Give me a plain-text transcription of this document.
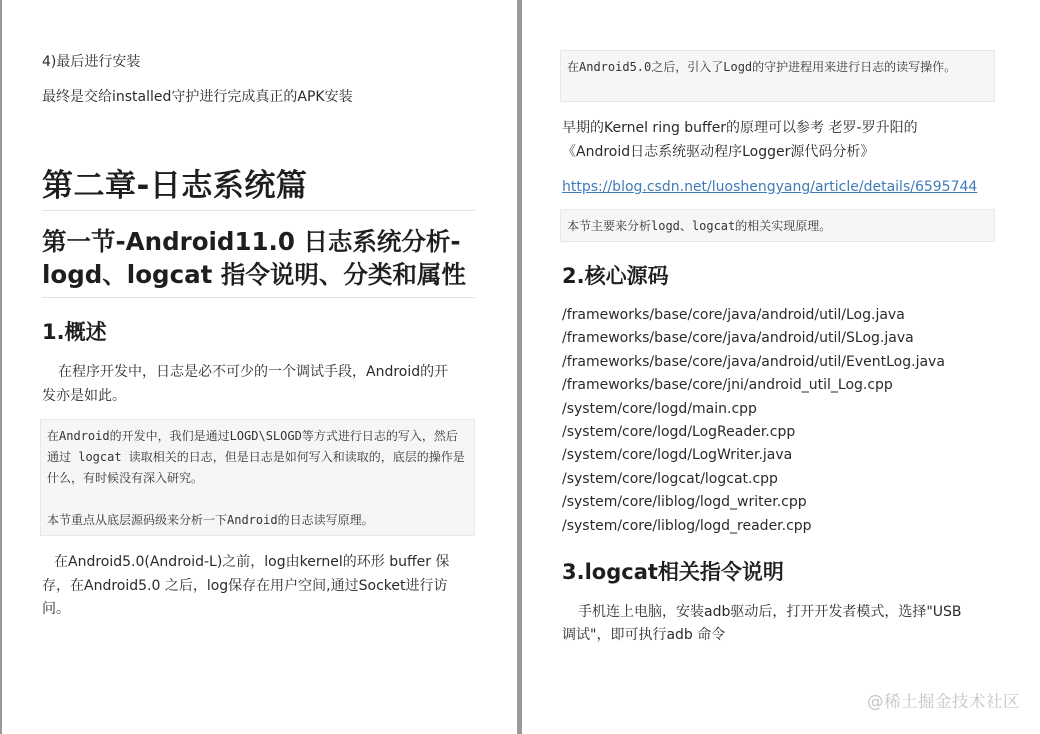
4)最后进行安装
最终是交给installed守护进行完成真正的APK安装
第二章-日志系统篇
第一节-Android11.0 日志系统分析-
logd、logcat 指令说明、分类和属性
1.概述
在程序开发中，日志是必不可少的一个调试手段，Android的开
发亦是如此。
在Android的开发中，我们是通过LOGD\SLOGD等方式进行日志的写入，然后通过 logcat 读取相关的日志，但是日志是如何写入和读取的，底层的操作是什么，有时候没有深入研究。

本节重点从底层源码级来分析一下Android的日志读写原理。
在Android5.0(Android-L)之前，log由kernel的环形 buffer 保
存，在Android5.0 之后，log保存在用户空间,通过Socket进行访
问。
在Android5.0之后，引入了Logd的守护进程用来进行日志的读写操作。
早期的Kernel ring buffer的原理可以参考 老罗-罗升阳的
《Android日志系统驱动程序Logger源代码分析》
https://blog.csdn.net/luoshengyang/article/details/6595744
本节主要来分析logd、logcat的相关实现原理。
2.核心源码
/frameworks/base/core/java/android/util/Log.java
/frameworks/base/core/java/android/util/SLog.java
/frameworks/base/core/java/android/util/EventLog.java
/frameworks/base/core/jni/android_util_Log.cpp
/system/core/logd/main.cpp
/system/core/logd/LogReader.cpp
/system/core/logd/LogWriter.java
/system/core/logcat/logcat.cpp
/system/core/liblog/logd_writer.cpp
/system/core/liblog/logd_reader.cpp
3.logcat相关指令说明
手机连上电脑，安装adb驱动后，打开开发者模式，选择"USB
调试"，即可执行adb 命令
@稀土掘金技术社区
